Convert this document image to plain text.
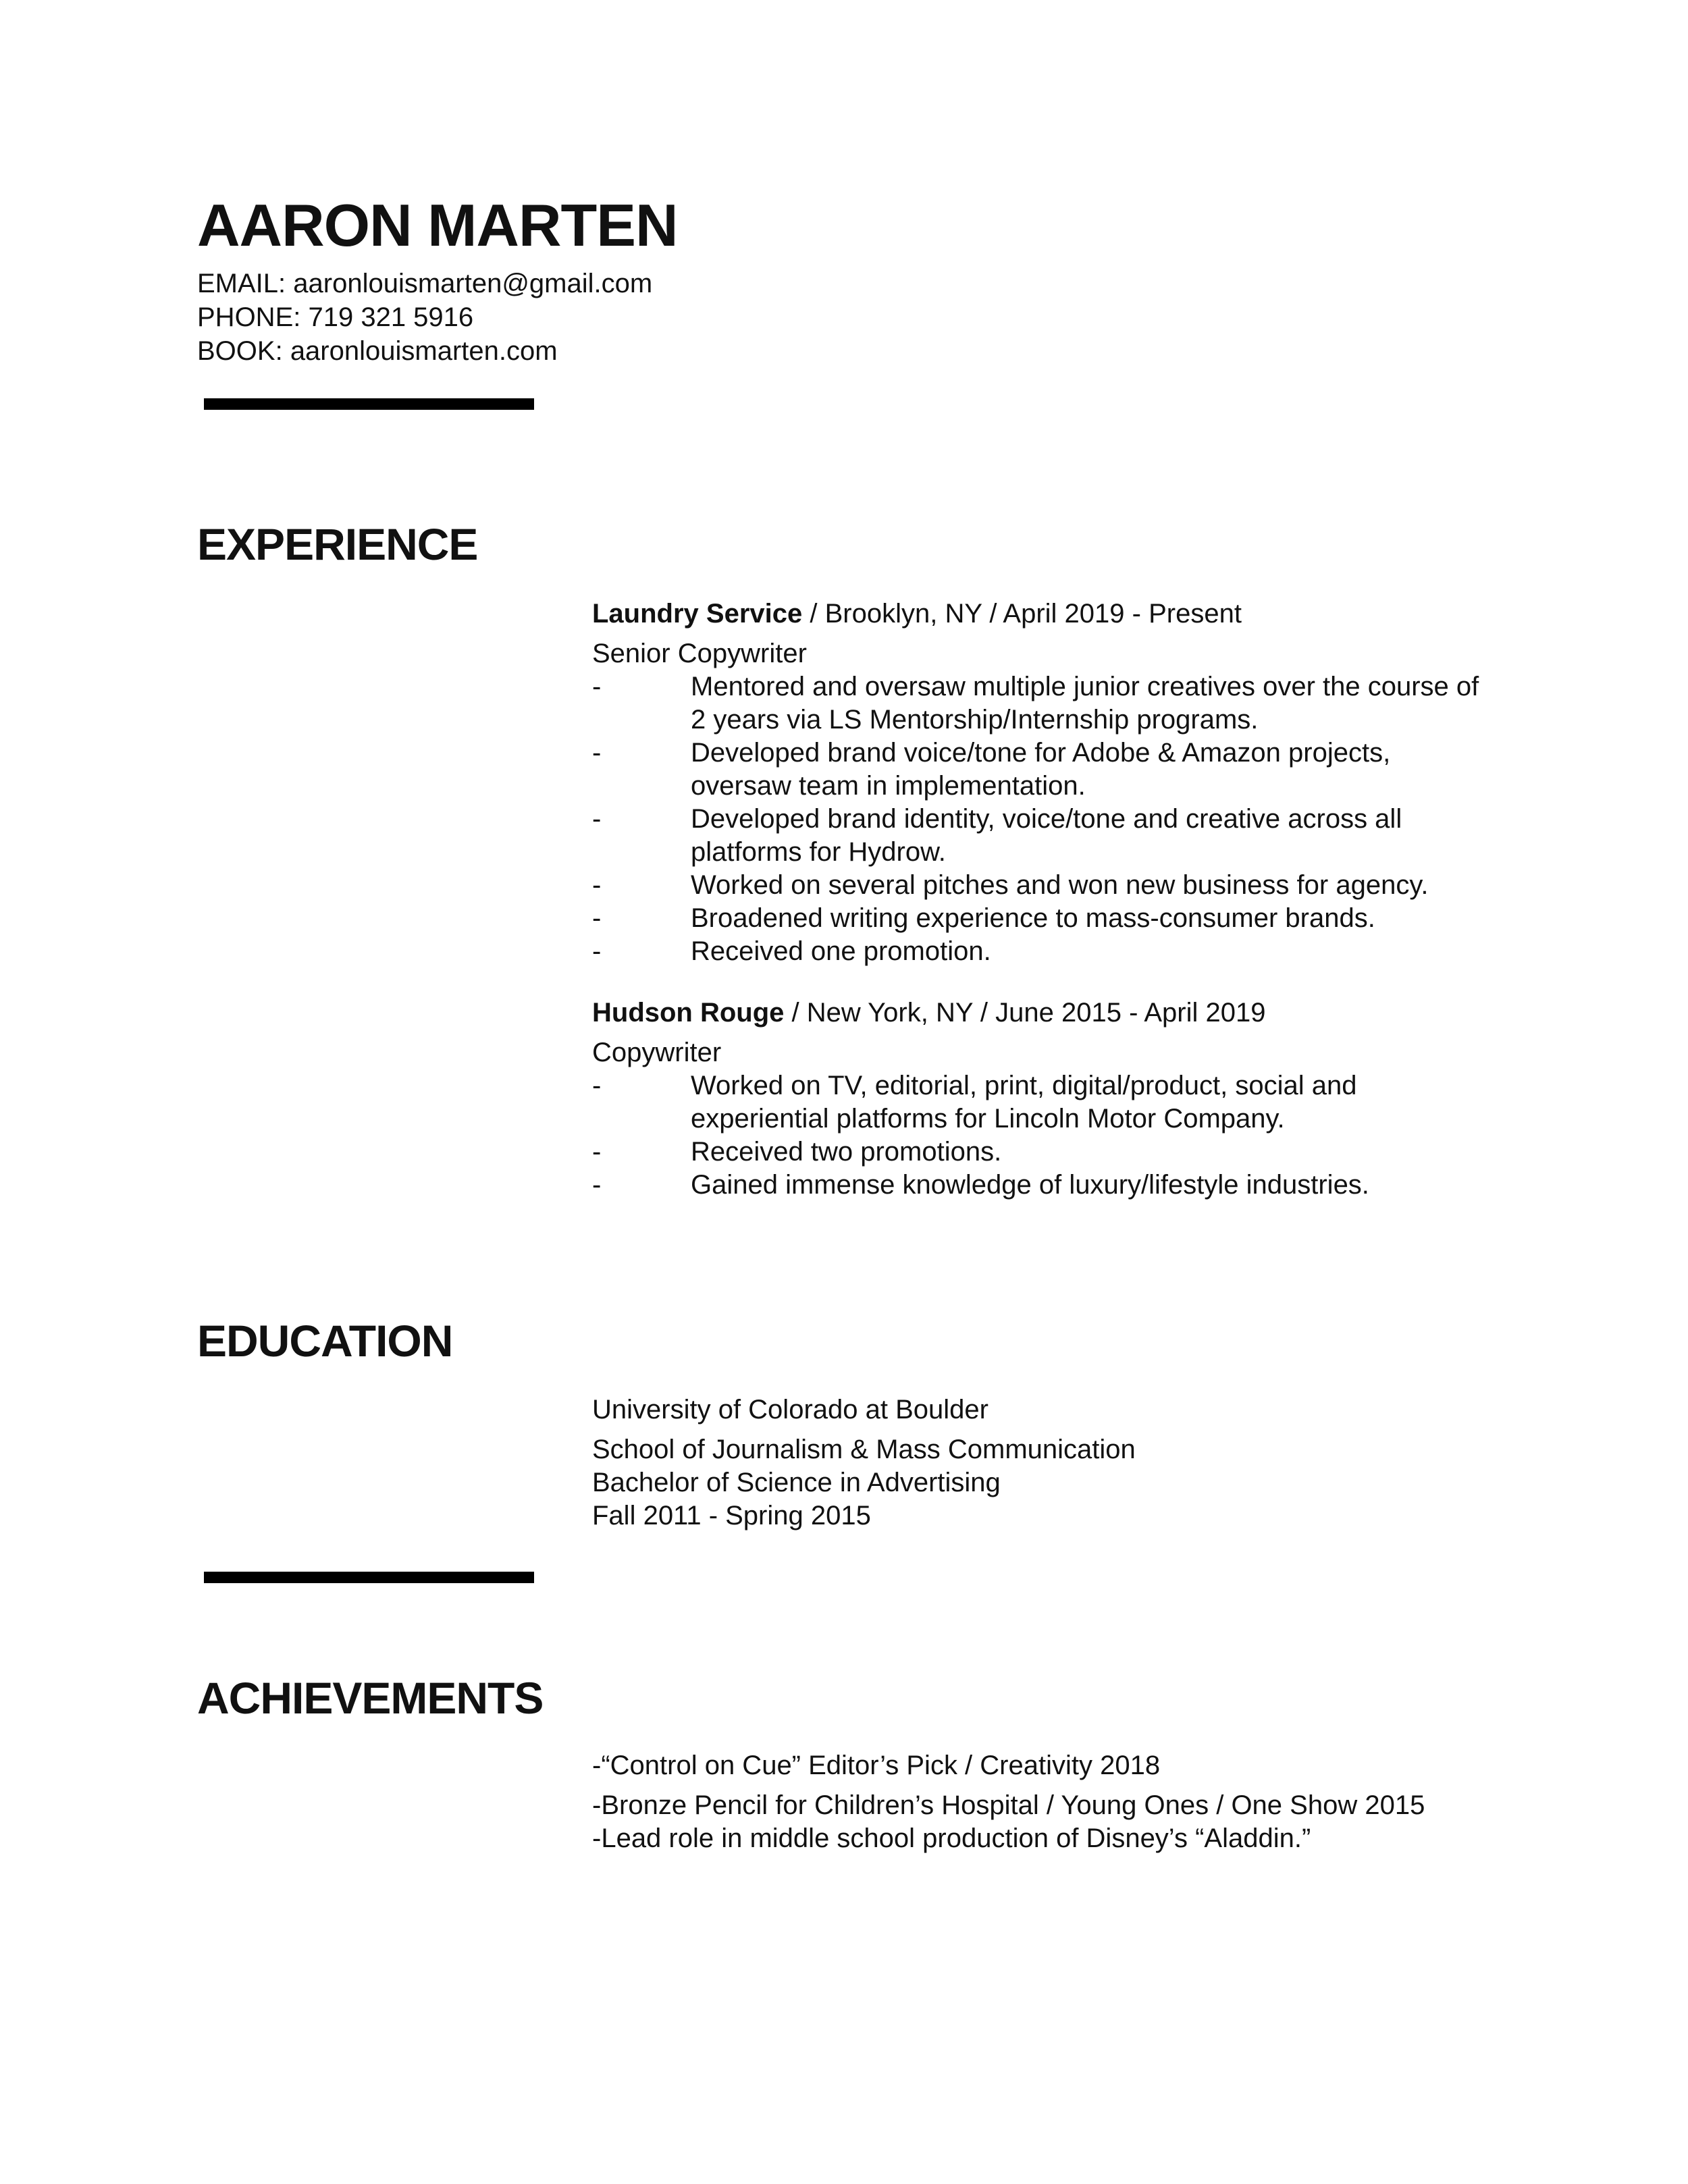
AARON MARTEN
EMAIL: aaronlouismarten@gmail.com
PHONE: 719 321 5916
BOOK: aaronlouismarten.com
EXPERIENCE
Laundry Service / Brooklyn, NY / April 2019 - Present
Senior Copywriter
-	Mentored and oversaw multiple junior creatives over the course of 2 years via LS Mentorship/Internship programs.
-	Developed brand voice/tone for Adobe & Amazon projects, oversaw team in implementation.
-	Developed brand identity, voice/tone and creative across all platforms for Hydrow.
-	Worked on several pitches and won new business for agency.
-	Broadened writing experience to mass-consumer brands.
-	Received one promotion.
Hudson Rouge / New York, NY / June 2015 - April 2019
Copywriter
-	Worked on TV, editorial, print, digital/product, social and experiential platforms for Lincoln Motor Company.
-	Received two promotions.
-	Gained immense knowledge of luxury/lifestyle industries.
EDUCATION
University of Colorado at Boulder
School of Journalism & Mass Communication
Bachelor of Science in Advertising
Fall 2011 - Spring 2015
ACHIEVEMENTS
-“Control on Cue” Editor’s Pick / Creativity 2018
-Bronze Pencil for Children’s Hospital / Young Ones / One Show 2015
-Lead role in middle school production of Disney’s “Aladdin.”
